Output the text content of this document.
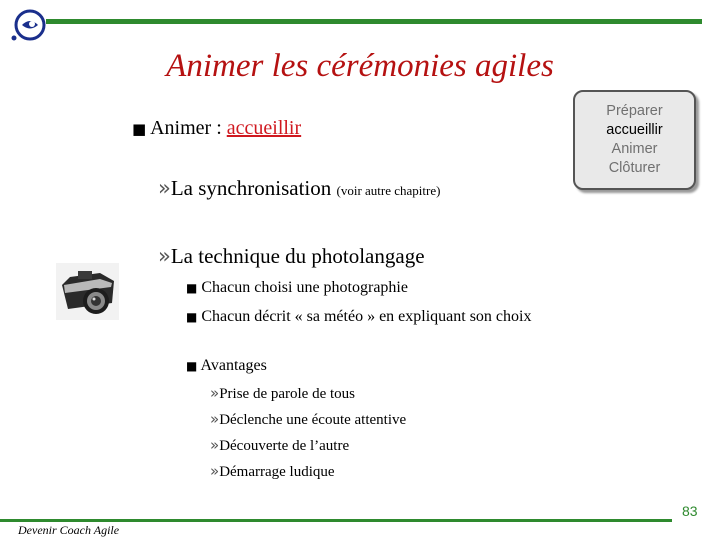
Animer les cérémonies agiles
■ Animer : accueillir
»La synchronisation (voir autre chapitre)
»La technique du photolangage
■ Chacun choisi une photographie
■ Chacun décrit « sa météo » en expliquant son choix
■ Avantages
»Prise de parole de tous
»Déclenche une écoute attentive
»Découverte de l’autre
»Démarrage ludique
Préparer
accueillir
Animer
Clôturer
83
Devenir Coach Agile
